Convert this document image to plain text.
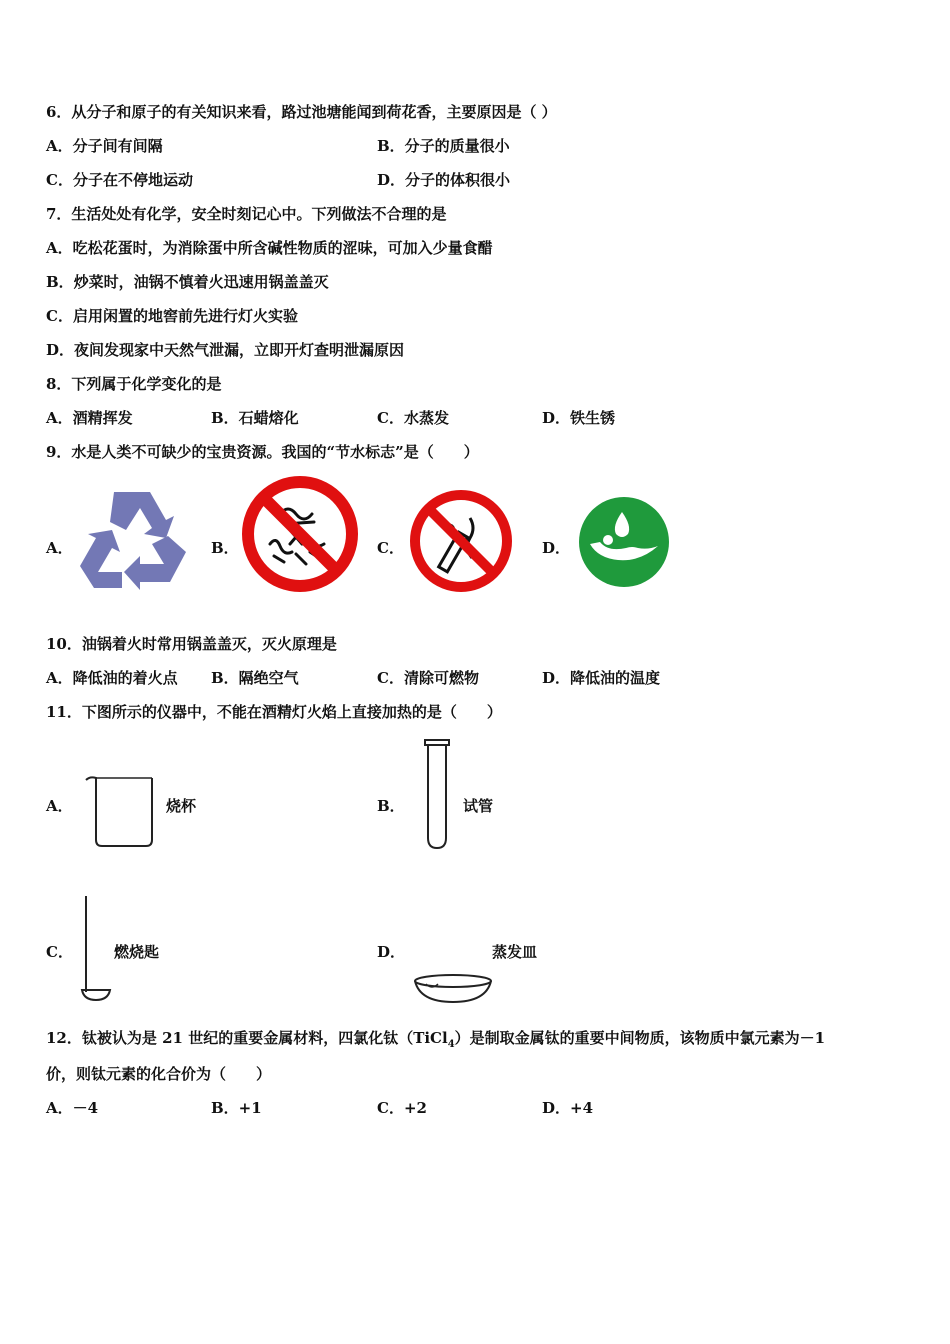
6．从分子和原子的有关知识来看，路过池塘能闻到荷花香，主要原因是（ ）
A．分子间有间隔	B．分子的质量很小
C．分子在不停地运动	D．分子的体积很小
7．生活处处有化学，安全时刻记心中。下列做法不合理的是
A．吃松花蛋时，为消除蛋中所含碱性物质的涩味，可加入少量食醋
B．炒菜时，油锅不慎着火迅速用锅盖盖灭
C．启用闲置的地窖前先进行灯火实验
D．夜间发现家中天然气泄漏，立即开灯查明泄漏原因
8．下列属于化学变化的是
A．酒精挥发	B．石蜡熔化	C．水蒸发	D．铁生锈
9．水是人类不可缺少的宝贵资源。我国的“节水标志”是（　　）
A．	B．	C．	D．
10．油锅着火时常用锅盖盖灭，灭火原理是
A．降低油的着火点 B．隔绝空气	C．清除可燃物	D．降低油的温度
11．下图所示的仪器中，不能在酒精灯火焰上直接加热的是（　　）
A．	烧杯	B．	试管
C．	燃烧匙	D．	蒸发皿
12．钛被认为是 21 世纪的重要金属材料，四氯化钛（TiCl$_4$）是制取金属钛的重要中间物质，该物质中氯元素为－1
价，则钛元素的化合价为（　　）
A．－4	B．+1	C．+2	D．+4
